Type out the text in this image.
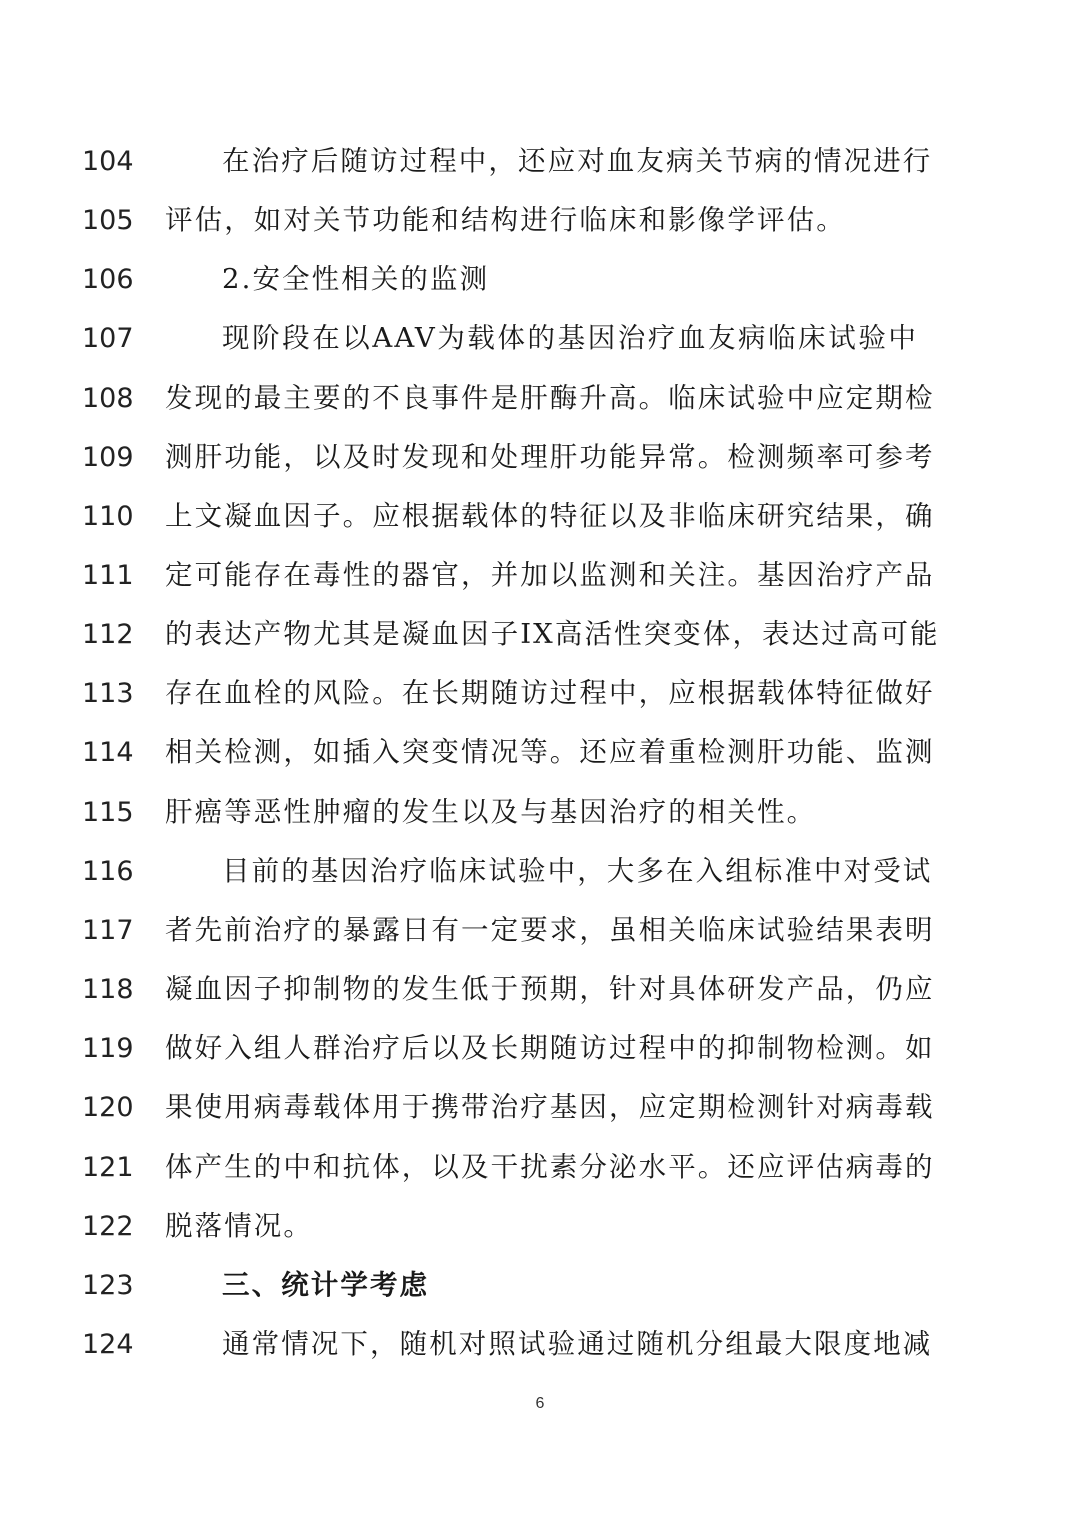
104	在治疗后随访过程中，还应对血友病关节病的情况进行
105	评估，如对关节功能和结构进行临床和影像学评估。
106	2.安全性相关的监测
107	现阶段在以AAV为载体的基因治疗血友病临床试验中
108	发现的最主要的不良事件是肝酶升高。临床试验中应定期检
109	测肝功能，以及时发现和处理肝功能异常。检测频率可参考
110	上文凝血因子。应根据载体的特征以及非临床研究结果，确
111	定可能存在毒性的器官，并加以监测和关注。基因治疗产品
112	的表达产物尤其是凝血因子IX高活性突变体，表达过高可能
113	存在血栓的风险。在长期随访过程中，应根据载体特征做好
114	相关检测，如插入突变情况等。还应着重检测肝功能、监测
115	肝癌等恶性肿瘤的发生以及与基因治疗的相关性。
116	目前的基因治疗临床试验中，大多在入组标准中对受试
117	者先前治疗的暴露日有一定要求，虽相关临床试验结果表明
118	凝血因子抑制物的发生低于预期，针对具体研发产品，仍应
119	做好入组人群治疗后以及长期随访过程中的抑制物检测。如
120	果使用病毒载体用于携带治疗基因，应定期检测针对病毒载
121	体产生的中和抗体，以及干扰素分泌水平。还应评估病毒的
122	脱落情况。
123	三、统计学考虑
124	通常情况下，随机对照试验通过随机分组最大限度地减
6
